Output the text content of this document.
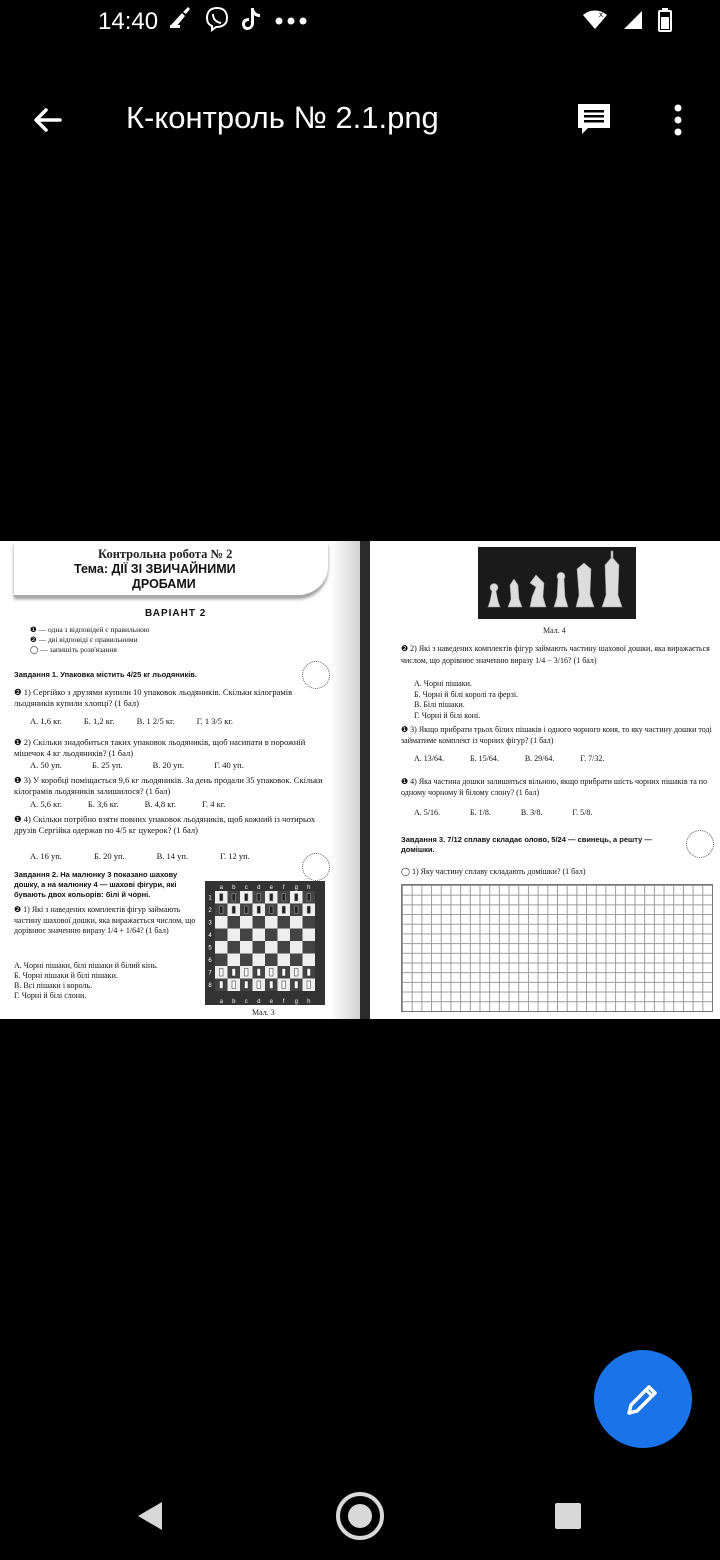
14:40	x
К-контроль № 2.1.png
Контрольна робота № 2
Тема: ДІЇ ЗІ ЗВИЧАЙНИМИ
ДРОБАМИ
ВАРІАНТ 2
❶ — одна з відповідей є правильною
❷ — дві відповіді є правильними
◯ — запишіть розв'язання
Завдання 1. Упаковка містить 4/25 кг льодяників.
❷ 1) Сергійко з друзями купили 10 упаковок льодяників. Скільки кілограмів льодяників купили хлопці? (1 бал)
А. 1,6 кг.	Б. 1,2 кг.	В. 1 2/5 кг.	Г. 1 3/5 кг.
❶ 2) Скільки знадобиться таких упаковок льодяників, щоб насипати в порожній мішечок 4 кг льодяників? (1 бал)
А. 50 уп.	Б. 25 уп.	В. 20 уп.	Г. 40 уп.
❶ 3) У коробці поміщається 9,6 кг льодяників. За день продали 35 упаковок. Скільки кілограмів льодяників залишилося? (1 бал)
А. 5,6 кг.	Б. 3,6 кг.	В. 4,8 кг.	Г. 4 кг.
❶ 4) Скільки потрібно взяти повних упаковок льодяників, щоб кожний із чотирьох друзів Сергійка одержав по 4/5 кг цукерок? (1 бал)
А. 16 уп.	Б. 20 уп.	В. 14 уп.	Г. 12 уп.
Завдання 2. На малюнку 3 показано шахову дошку, а на малюнку 4 — шахові фігури, які бувають двох кольорів: білі й чорні.
❷ 1) Які з наведених комплектів фігур займають частину шахової дошки, яка виражається числом, що дорівнює значенню виразу 1/4 + 1/64? (1 бал)
А. Чорні пішаки, білі пішаки й білий кінь.
Б. Чорні пішаки й білі пішаки.
В. Всі пішаки і король.
Г. Чорні й білі слони.
a
a
b
b
c
c
d
d
e
e
f
f
g
g
h
h
1
2
3
4
5
6
7
8
Мал. 3
Мал. 4
❷ 2) Які з наведених комплектів фігур займають частину шахової дошки, яка виражається числом, що дорівнює значенню виразу 1/4 − 3/16? (1 бал)
А. Чорні пішаки.
Б. Чорні й білі королі та ферзі.
В. Білі пішаки.
Г. Чорні й білі коні.
❶ 3) Якщо прибрати трьох білих пішаків і одного чорного коня, то яку частину дошки тоді займатиме комплект із чорних фігур? (1 бал)
А. 13/64.	Б. 15/64.	В. 29/64.	Г. 7/32.
❶ 4) Яка частина дошки залишиться вільною, якщо прибрати шість чорних пішаків та по одному чорному й білому слону? (1 бал)
А. 5/16.	Б. 1/8.	В. 3/8.	Г. 5/8.
Завдання 3. 7/12 сплаву складає олово, 5/24 — свинець, а решту — домішки.
◯ 1) Яку частину сплаву складають домішки? (1 бал)
